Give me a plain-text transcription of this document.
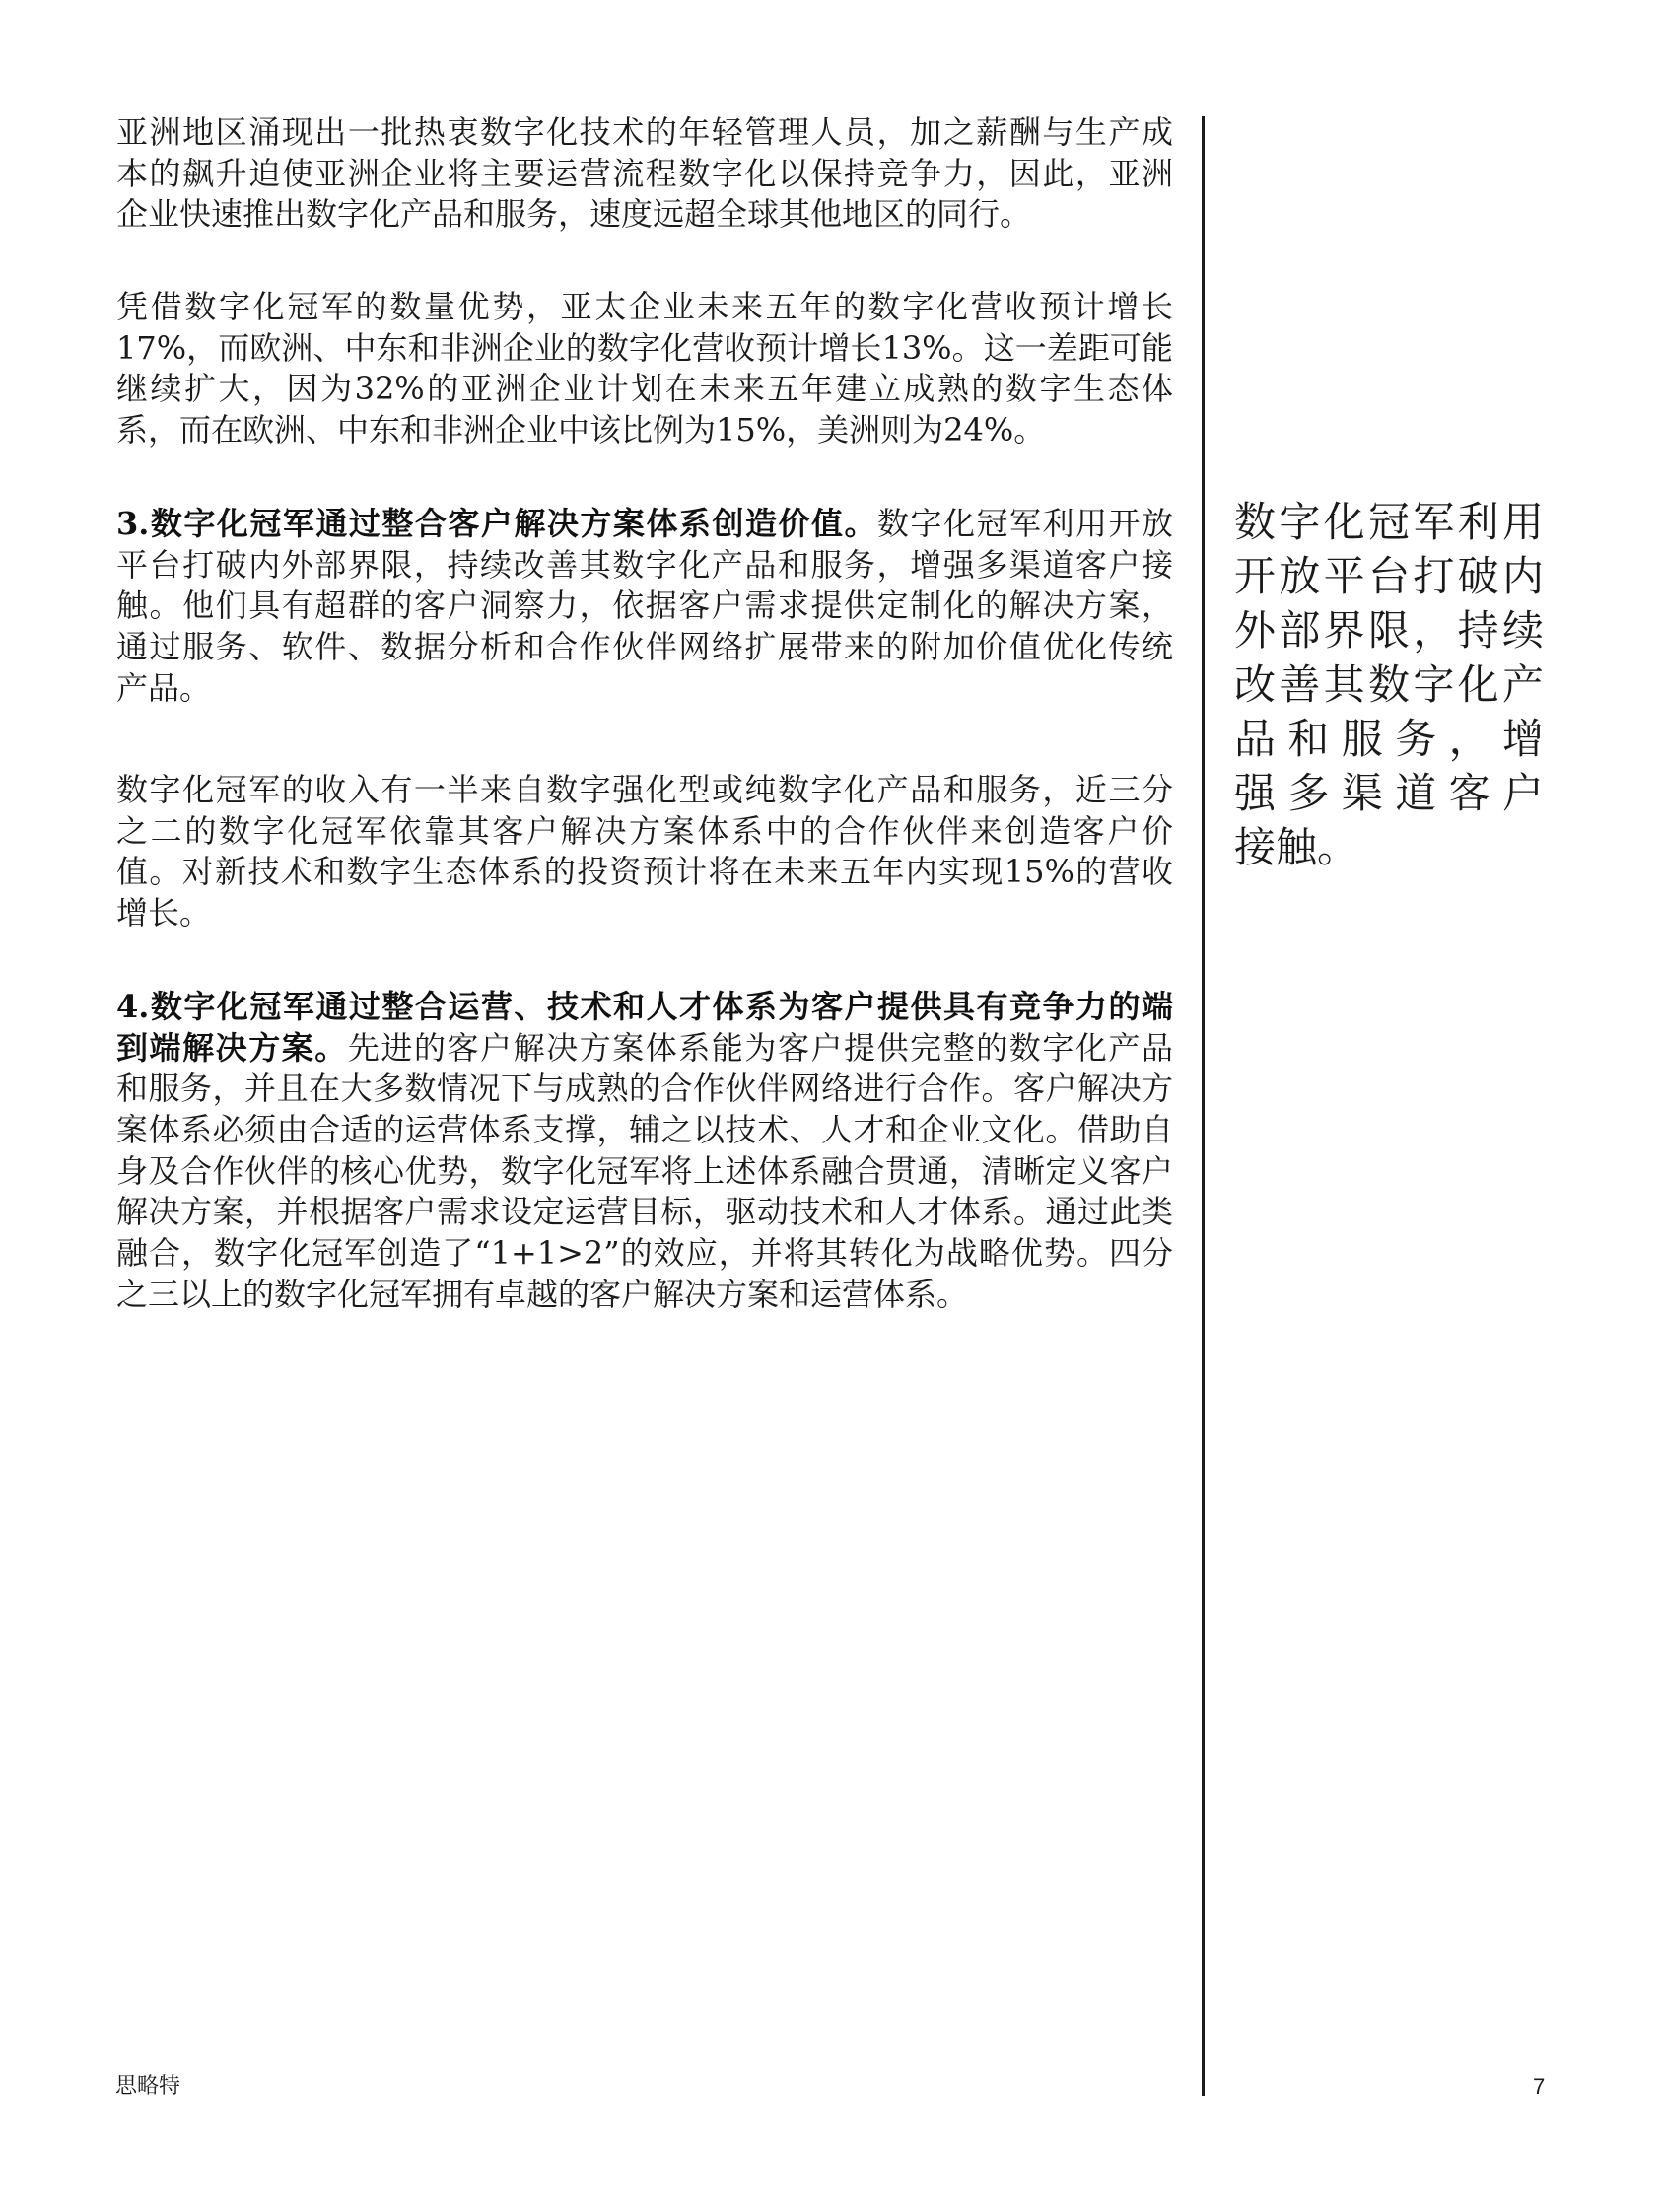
亚洲地区涌现出一批热衷数字化技术的年轻管理人员，加之薪酬与生产成
本的飙升迫使亚洲企业将主要运营流程数字化以保持竞争力，因此，亚洲
企业快速推出数字化产品和服务，速度远超全球其他地区的同行。
凭借数字化冠军的数量优势，亚太企业未来五年的数字化营收预计增长
17%，而欧洲、中东和非洲企业的数字化营收预计增长13%。这一差距可能
继续扩大，因为32%的亚洲企业计划在未来五年建立成熟的数字生态体
系，而在欧洲、中东和非洲企业中该比例为15%，美洲则为24%。
3.数字化冠军通过整合客户解决方案体系创造价值。数字化冠军利用开放
平台打破内外部界限，持续改善其数字化产品和服务，增强多渠道客户接
触。他们具有超群的客户洞察力，依据客户需求提供定制化的解决方案，
通过服务、软件、数据分析和合作伙伴网络扩展带来的附加价值优化传统
产品。
数字化冠军的收入有一半来自数字强化型或纯数字化产品和服务，近三分
之二的数字化冠军依靠其客户解决方案体系中的合作伙伴来创造客户价
值。对新技术和数字生态体系的投资预计将在未来五年内实现15%的营收
增长。
4.数字化冠军通过整合运营、技术和人才体系为客户提供具有竞争力的端
到端解决方案。先进的客户解决方案体系能为客户提供完整的数字化产品
和服务，并且在大多数情况下与成熟的合作伙伴网络进行合作。客户解决方
案体系必须由合适的运营体系支撑，辅之以技术、人才和企业文化。借助自
身及合作伙伴的核心优势，数字化冠军将上述体系融合贯通，清晰定义客户
解决方案，并根据客户需求设定运营目标，驱动技术和人才体系。通过此类
融合，数字化冠军创造了“1+1>2”的效应，并将其转化为战略优势。四分
之三以上的数字化冠军拥有卓越的客户解决方案和运营体系。
数字化冠军利用
开放平台打破内
外部界限，持续
改善其数字化产
品和服务，增
强多渠道客户
接触。
思略特	7
